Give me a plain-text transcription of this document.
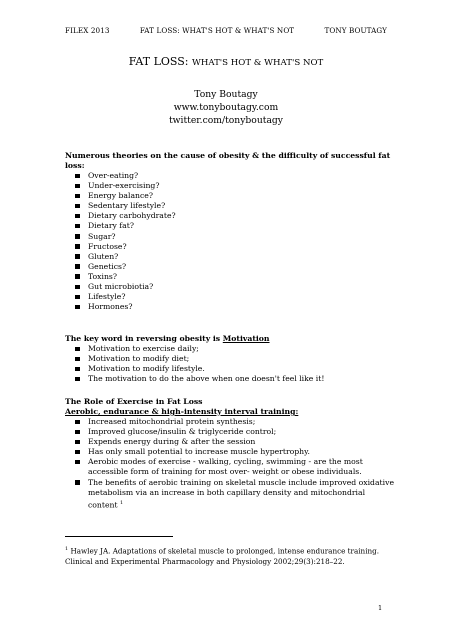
FILEX 2013	FAT LOSS: WHAT'S HOT & WHAT'S NOT	TONY BOUTAGY
FAT LOSS: WHAT'S HOT & WHAT'S NOT
Tony Boutagy
www.tonyboutagy.com
twitter.com/tonyboutagy
Numerous theories on the cause of obesity & the difficulty of successful fat loss:
Over-eating?
Under-exercising?
Energy balance?
Sedentary lifestyle?
Dietary carbohydrate?
Dietary fat?
Sugar?
Fructose?
Gluten?
Genetics?
Toxins?
Gut microbiotia?
Lifestyle?
Hormones?
The key word in reversing obesity is Motivation
Motivation to exercise daily;
Motivation to modify diet;
Motivation to modify lifestyle.
The motivation to do the above when one doesn't feel like it!
The Role of Exercise in Fat Loss
Aerobic, endurance & high-intensity interval training:
Increased mitochondrial protein synthesis;
Improved glucose/insulin & triglyceride control;
Expends energy during & after the session
Has only small potential to increase muscle hypertrophy.
Aerobic modes of exercise - walking, cycling, swimming - are the most accessible form of training for most over- weight or obese individuals.
The benefits of aerobic training on skeletal muscle include improved oxidative metabolism via an increase in both capillary density and mitochondrial content $^1$
$^1$ Hawley JA. Adaptations of skeletal muscle to prolonged, intense endurance training. Clinical and Experimental Pharmacology and Physiology 2002;29(3):218–22.
1
